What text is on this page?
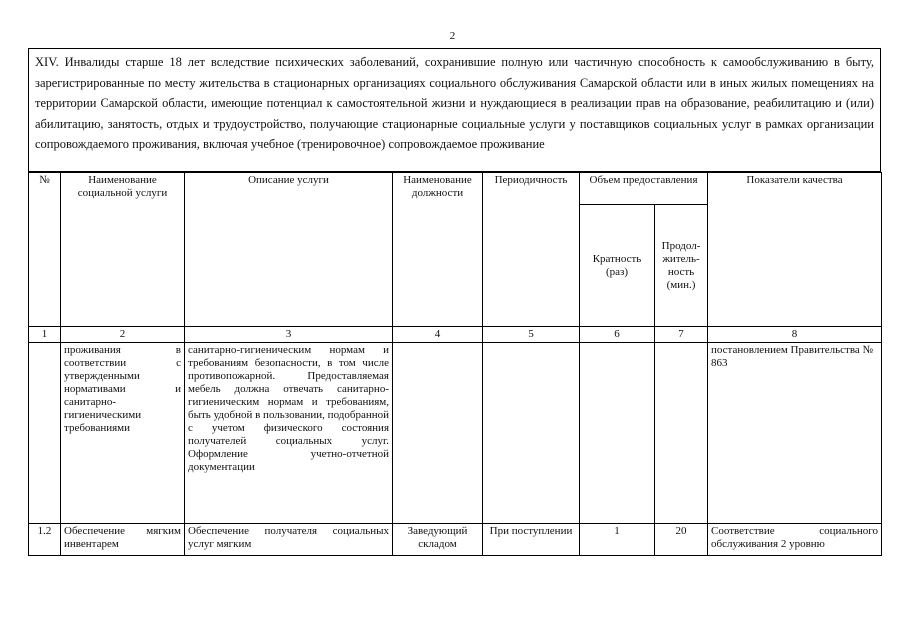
2
XIV. Инвалиды старше 18 лет вследствие психических заболеваний, сохранившие полную или частичную способность к самообслуживанию в быту, зарегистрированные по месту жительства в стационарных организациях социального обслуживания Самарской области или в иных жилых помещениях на территории Самарской области, имеющие потенциал к самостоятельной жизни и нуждающиеся в реализации прав на образование, реабилитацию и (или) абилитацию, занятость, отдых и трудоустройство, получающие стационарные социальные услуги у поставщиков социальных услуг в рамках организации сопровождаемого проживания, включая учебное (тренировочное) сопровождаемое проживание
№	Наименование социальной услуги	Описание услуги	Наименование должности	Периодичность	Объем предоставления		Показатели качества
					Кратность (раз)	Продол-житель-ность (мин.)	
1	2	3	4	5	6	7	8
	проживания в соответствии с утвержденными нормативами и санитарно-гигиеническими требованиями	санитарно-гигиеническим нормам и требованиям безопасности, в том числе противопожарной. Предоставляемая мебель должна отвечать санитарно-гигиеническим нормам и требованиям, быть удобной в пользовании, подобранной с учетом физического состояния получателей социальных услуг. Оформление учетно-отчетной документации					постановлением Правительства № 863
1.2	Обеспечение мягким инвентарем	Обеспечение получателя социальных услуг мягким	Заведующий складом	При поступлении	1	20	Соответствие социального обслуживания 2 уровню
